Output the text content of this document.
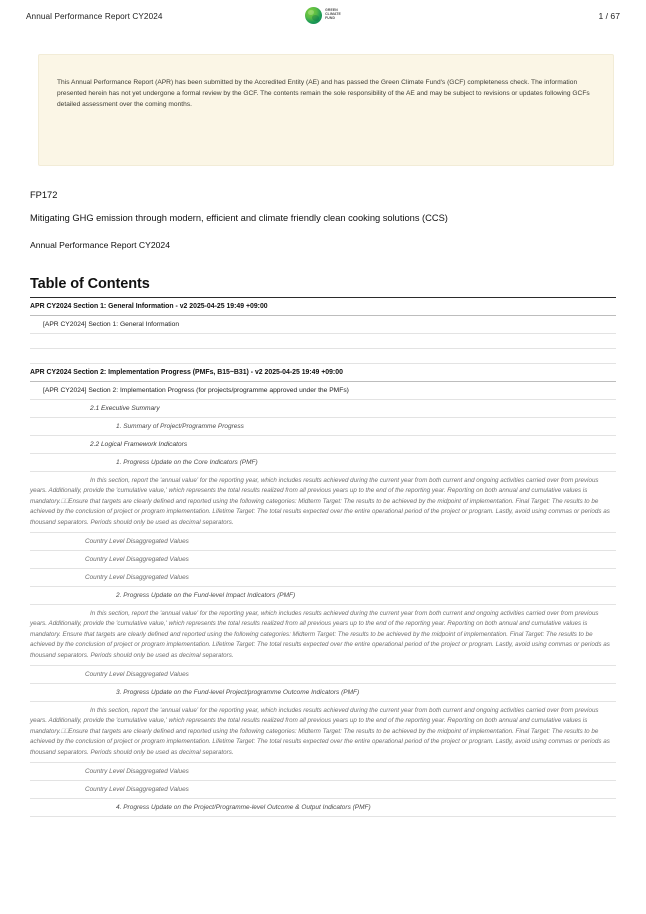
Annual Performance Report CY2024
GREEN
CLIMATE
FUND	1 / 67
This Annual Performance Report (APR) has been submitted by the Accredited Entity (AE) and has passed the Green Climate Fund's (GCF) completeness check. The information presented herein has not yet undergone a formal review by the GCF. The contents remain the sole responsibility of the AE and may be subject to revisions or updates following GCFs detailed assessment over the coming months.
FP172
Mitigating GHG emission through modern, efficient and climate friendly clean cooking solutions (CCS)
Annual Performance Report CY2024
Table of Contents
APR CY2024 Section 1: General Information - v2 2025-04-25 19:49 +09:00
[APR CY2024] Section 1: General Information
APR CY2024 Section 2: Implementation Progress (PMFs, B15~B31) - v2 2025-04-25 19:49 +09:00
[APR CY2024] Section 2: Implementation Progress (for projects/programme approved under the PMFs)
2.1 Executive Summary
1. Summary of Project/Programme Progress
2.2 Logical Framework Indicators
1. Progress Update on the Core Indicators (PMF)
In this section, report the 'annual value' for the reporting year, which includes results achieved during the current year from both current and ongoing activities carried over from previous years. Additionally, provide the 'cumulative value,' which represents the total results realized from all previous years up to the end of the reporting year. Reporting on both annual and cumulative values is mandatory.⎕⎕Ensure that targets are clearly defined and reported using the following categories: Midterm Target: The results to be achieved by the midpoint of implementation. Final Target: The results to be achieved by the conclusion of project or program implementation. Lifetime Target: The total results expected over the entire operational period of the project or program. Lastly, avoid using commas or periods as thousand separators. Periods should only be used as decimal separators.
Country Level Disaggregated Values
Country Level Disaggregated Values
Country Level Disaggregated Values
2. Progress Update on the Fund-level Impact Indicators (PMF)
In this section, report the 'annual value' for the reporting year, which includes results achieved during the current year from both current and ongoing activities carried over from previous years. Additionally, provide the 'cumulative value,' which represents the total results realized from all previous years up to the end of the reporting year. Reporting on both annual and cumulative values is mandatory. Ensure that targets are clearly defined and reported using the following categories: Midterm Target: The results to be achieved by the midpoint of implementation. Final Target: The results to be achieved by the conclusion of project or program implementation. Lifetime Target: The total results expected over the entire operational period of the project or program. Lastly, avoid using commas or periods as thousand separators. Periods should only be used as decimal separators.
Country Level Disaggregated Values
3. Progress Update on the Fund-level Project/programme Outcome Indicators (PMF)
In this section, report the 'annual value' for the reporting year, which includes results achieved during the current year from both current and ongoing activities carried over from previous years. Additionally, provide the 'cumulative value,' which represents the total results realized from all previous years up to the end of the reporting year. Reporting on both annual and cumulative values is mandatory.⎕⎕Ensure that targets are clearly defined and reported using the following categories: Midterm Target: The results to be achieved by the midpoint of implementation. Final Target: The results to be achieved by the conclusion of project or program implementation. Lifetime Target: The total results expected over the entire operational period of the project or program. Lastly, avoid using commas or periods as thousand separators. Periods should only be used as decimal separators.
Country Level Disaggregated Values
Country Level Disaggregated Values
4. Progress Update on the Project/Programme-level Outcome & Output Indicators (PMF)
